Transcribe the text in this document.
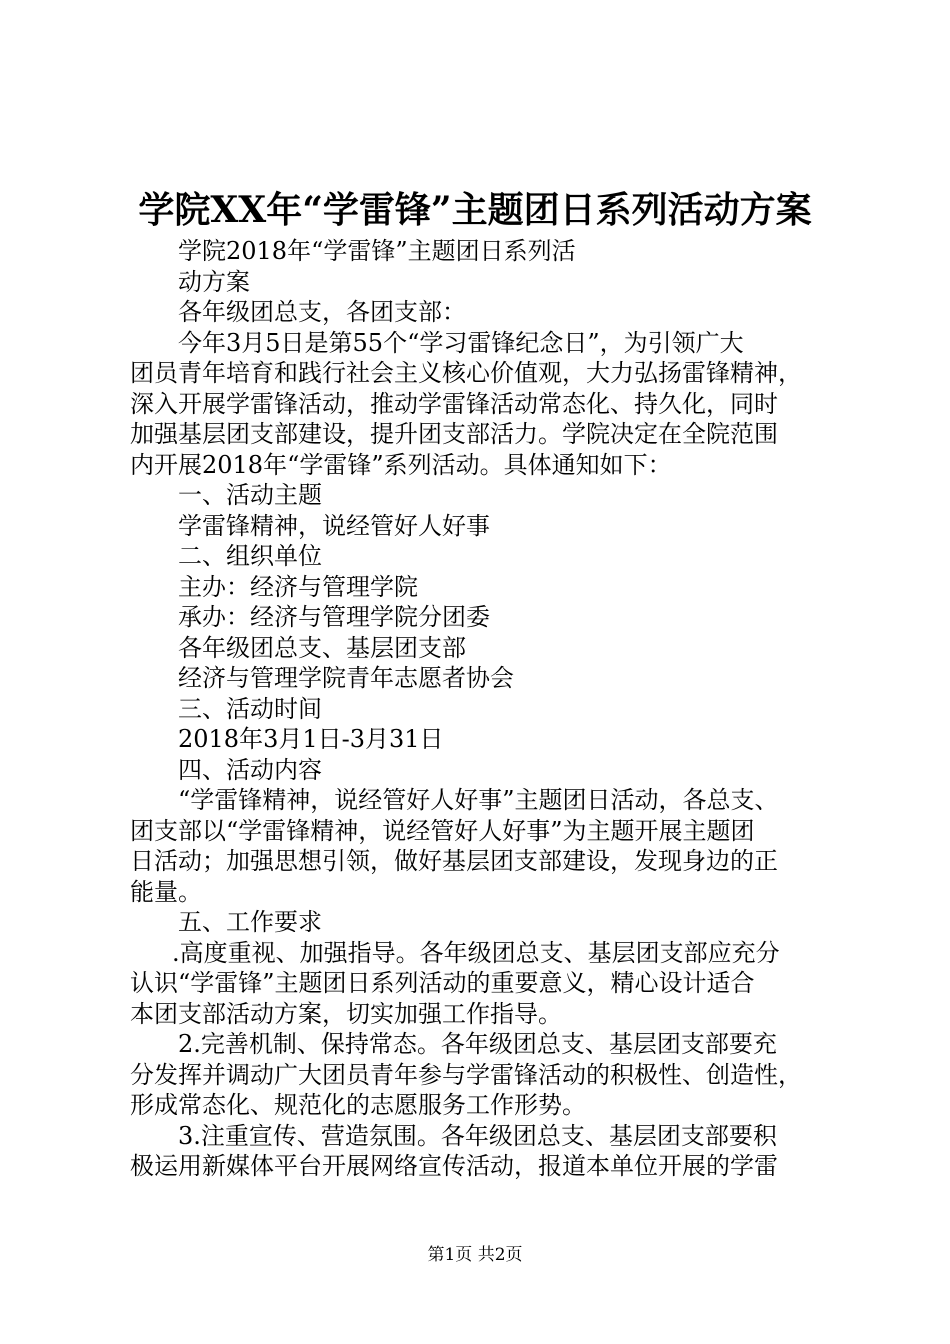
学院XX年“学雷锋”主题团日系列活动方案
学院2018年“学雷锋”主题团日系列活
动方案
各年级团总支，各团支部：
今年3月5日是第55个“学习雷锋纪念日”，为引领广大
团员青年培育和践行社会主义核心价值观，大力弘扬雷锋精神，
深入开展学雷锋活动，推动学雷锋活动常态化、持久化，同时
加强基层团支部建设，提升团支部活力。学院决定在全院范围
内开展2018年“学雷锋”系列活动。具体通知如下：
一、活动主题
学雷锋精神，说经管好人好事
二、组织单位
主办：经济与管理学院
承办：经济与管理学院分团委
各年级团总支、基层团支部
经济与管理学院青年志愿者协会
三、活动时间
2018年3月1日-3月31日
四、活动内容
“学雷锋精神，说经管好人好事”主题团日活动，各总支、
团支部以“学雷锋精神，说经管好人好事”为主题开展主题团
日活动；加强思想引领，做好基层团支部建设，发现身边的正
能量。
五、工作要求
.高度重视、加强指导。各年级团总支、基层团支部应充分
认识“学雷锋”主题团日系列活动的重要意义，精心设计适合
本团支部活动方案，切实加强工作指导。
2.完善机制、保持常态。各年级团总支、基层团支部要充
分发挥并调动广大团员青年参与学雷锋活动的积极性、创造性，
形成常态化、规范化的志愿服务工作形势。
3.注重宣传、营造氛围。各年级团总支、基层团支部要积
极运用新媒体平台开展网络宣传活动，报道本单位开展的学雷
第1页 共2页
